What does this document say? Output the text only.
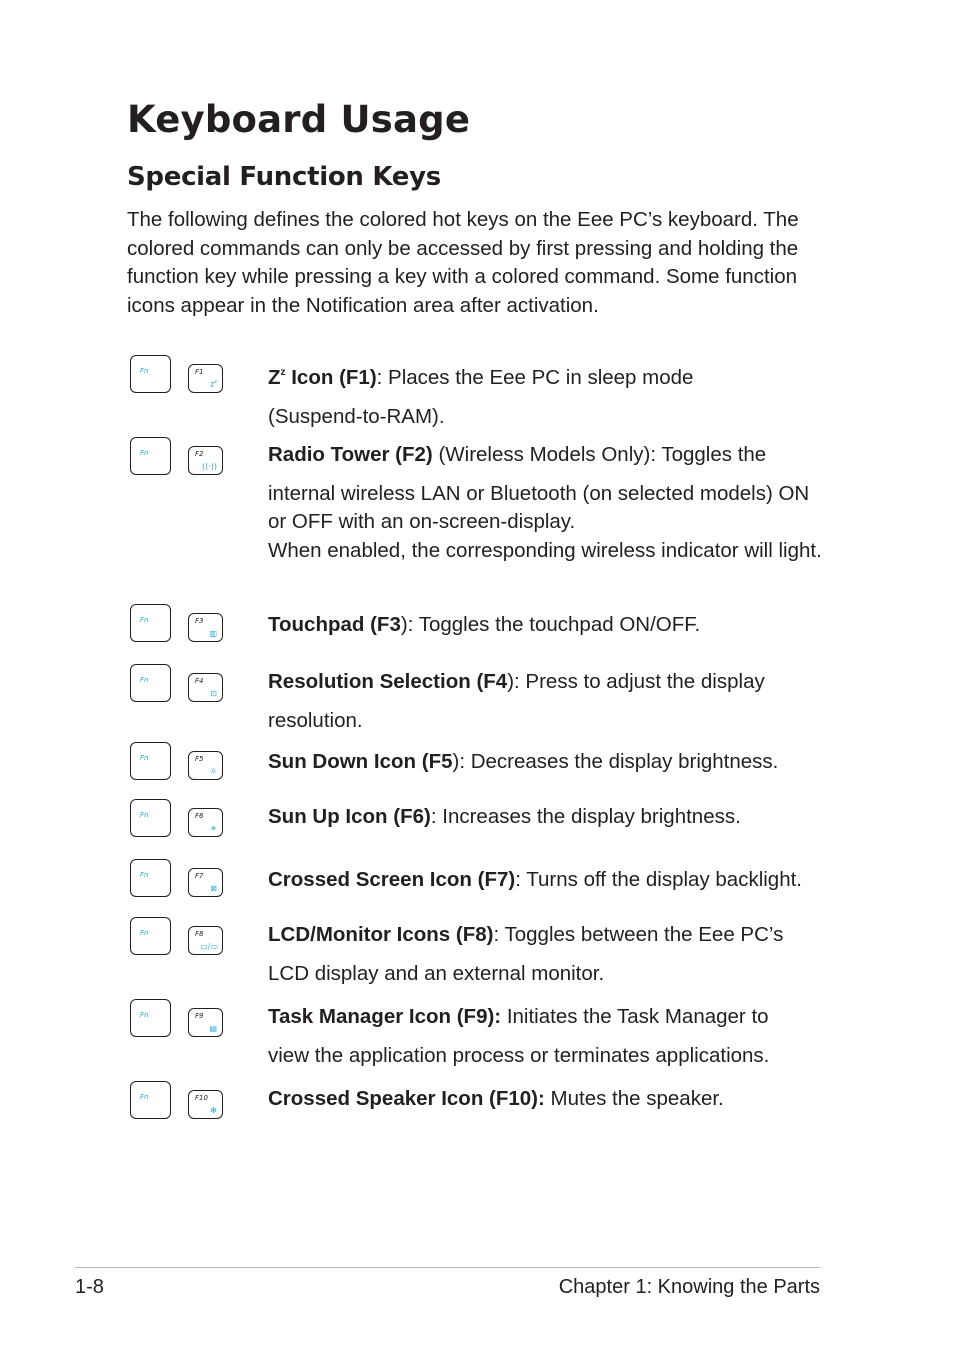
Keyboard Usage
Special Function Keys

The following defines the colored hot keys on the Eee PC’s keyboard. The colored commands can only be accessed by first pressing and holding the function key while pressing a key with a colored command. Some function icons appear in the Notification area after activation.

Fn	F1
$z^z$ $Z^z$ Icon (F1): Places the Eee PC in sleep mode
(Suspend-to-RAM).

Fn	F2
((·))

Radio Tower (F2) (Wireless Models Only): Toggles the
internal wireless LAN or Bluetooth (on selected models) ON or OFF with an on-screen-display.
When enabled, the corresponding wireless indicator will light.

Fn	F3
▥ Touchpad (F3): Toggles the touchpad ON/OFF.

Fn	F4
⊡

Resolution Selection (F4): Press to adjust the display
resolution.

Fn	F5
☼ Sun Down Icon (F5): Decreases the display brightness.

Fn	F6
☀

Sun Up Icon (F6): Increases the display brightness.

Fn	F7
⊠ Crossed Screen Icon (F7): Turns off the display backlight.

Fn	F8
▭/▭

LCD/Monitor Icons (F8): Toggles between the Eee PC’s
LCD display and an external monitor.

Fn	F9
▤

Task Manager Icon (F9): Initiates the Task Manager to
view the application process or terminates applications.

Fn	F10
✻

Crossed Speaker Icon (F10): Mutes the speaker.

1-8	Chapter 1: Knowing the Parts
